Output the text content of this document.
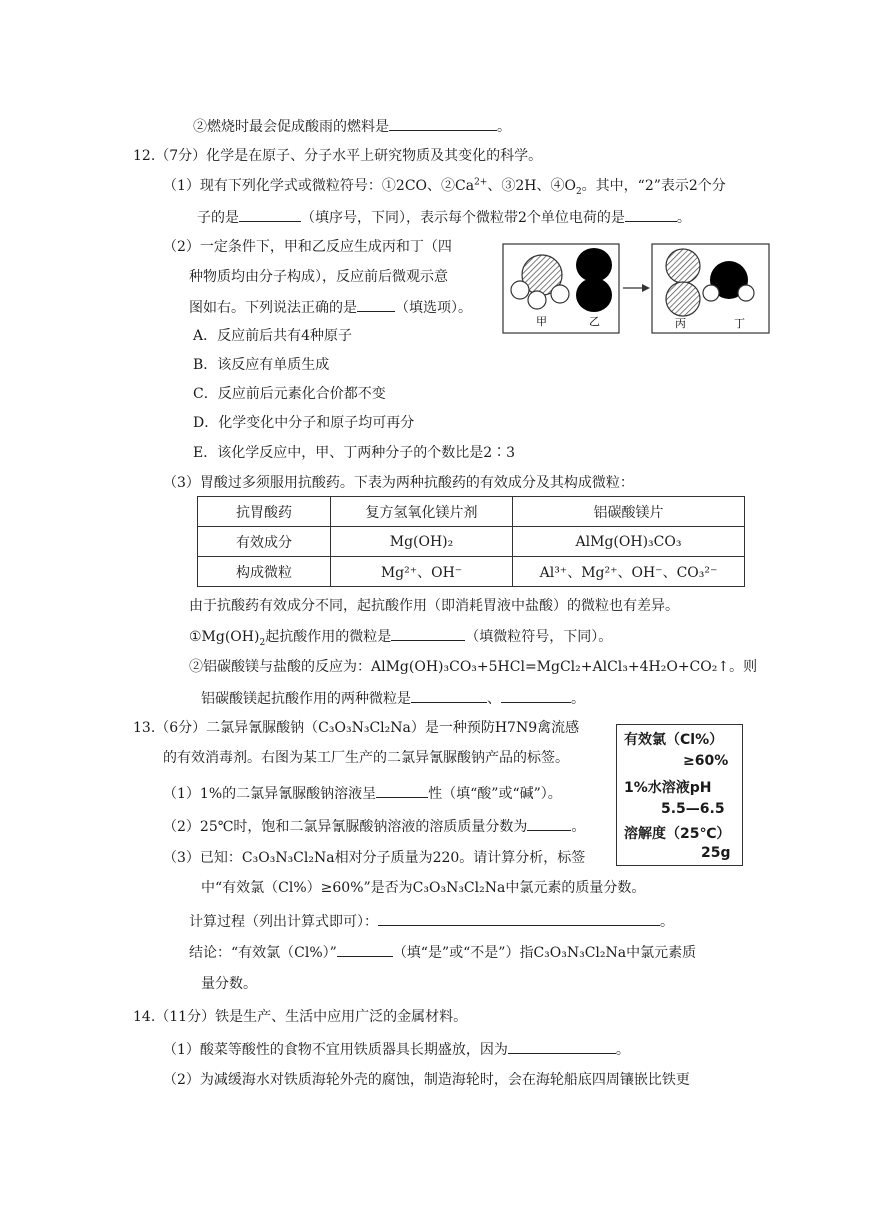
②燃烧时最会促成酸雨的燃料是	。
12.（7分）化学是在原子、分子水平上研究物质及其变化的科学。
（1）现有下列化学式或微粒符号：①2CO、$②Ca^{2+}$、③2H、$④O_2$。其中，“2”表示2个分
子的是	（填序号，下同），表示每个微粒带2个单位电荷的是	。
（2）一定条件下，甲和乙反应生成丙和丁（四
种物质均由分子构成），反应前后微观示意
图如右。下列说法正确的是	（填选项）。
A．反应前后共有4种原子
B．该反应有单质生成
C．反应前后元素化合价都不变
D．化学变化中分子和原子均可再分
E．该化学反应中，甲、丁两种分子的个数比是2∶3
甲	乙	丙	丁
（3）胃酸过多须服用抗酸药。下表为两种抗酸药的有效成分及其构成微粒：
抗胃酸药	复方氢氧化镁片剂	铝碳酸镁片
有效成分	Mg(OH)₂	AlMg(OH)₃CO₃
构成微粒	Mg²⁺、OH⁻	Al³⁺、Mg²⁺、OH⁻、CO₃²⁻
由于抗酸药有效成分不同，起抗酸作用（即消耗胃液中盐酸）的微粒也有差异。
$①Mg(OH)_2$起抗酸作用的微粒是	（填微粒符号，下同）。
②铝碳酸镁与盐酸的反应为：AlMg(OH)₃CO₃+5HCl=MgCl₂+AlCl₃+4H₂O+CO₂↑。则
铝碳酸镁起抗酸作用的两种微粒是	、	。
13.（6分）二氯异氰脲酸钠（C₃O₃N₃Cl₂Na）是一种预防H7N9禽流感
的有效消毒剂。右图为某工厂生产的二氯异氰脲酸钠产品的标签。
（1）1%的二氯异氰脲酸钠溶液呈	性（填“酸”或“碱”）。
（2）25℃时，饱和二氯异氰脲酸钠溶液的溶质质量分数为	。
（3）已知：C₃O₃N₃Cl₂Na相对分子质量为220。请计算分析，标签
中“有效氯（Cl%）≥60%”是否为C₃O₃N₃Cl₂Na中氯元素的质量分数。
计算过程（列出计算式即可）：	。
结论：“有效氯（Cl%）”	（填“是”或“不是”）指C₃O₃N₃Cl₂Na中氯元素质
量分数。
有效氯（Cl%）
≥60%
1%水溶液pH
5.5—6.5
溶解度（25℃）
25g
14.（11分）铁是生产、生活中应用广泛的金属材料。
（1）酸菜等酸性的食物不宜用铁质器具长期盛放，因为	。
（2）为减缓海水对铁质海轮外壳的腐蚀，制造海轮时，会在海轮船底四周镶嵌比铁更
